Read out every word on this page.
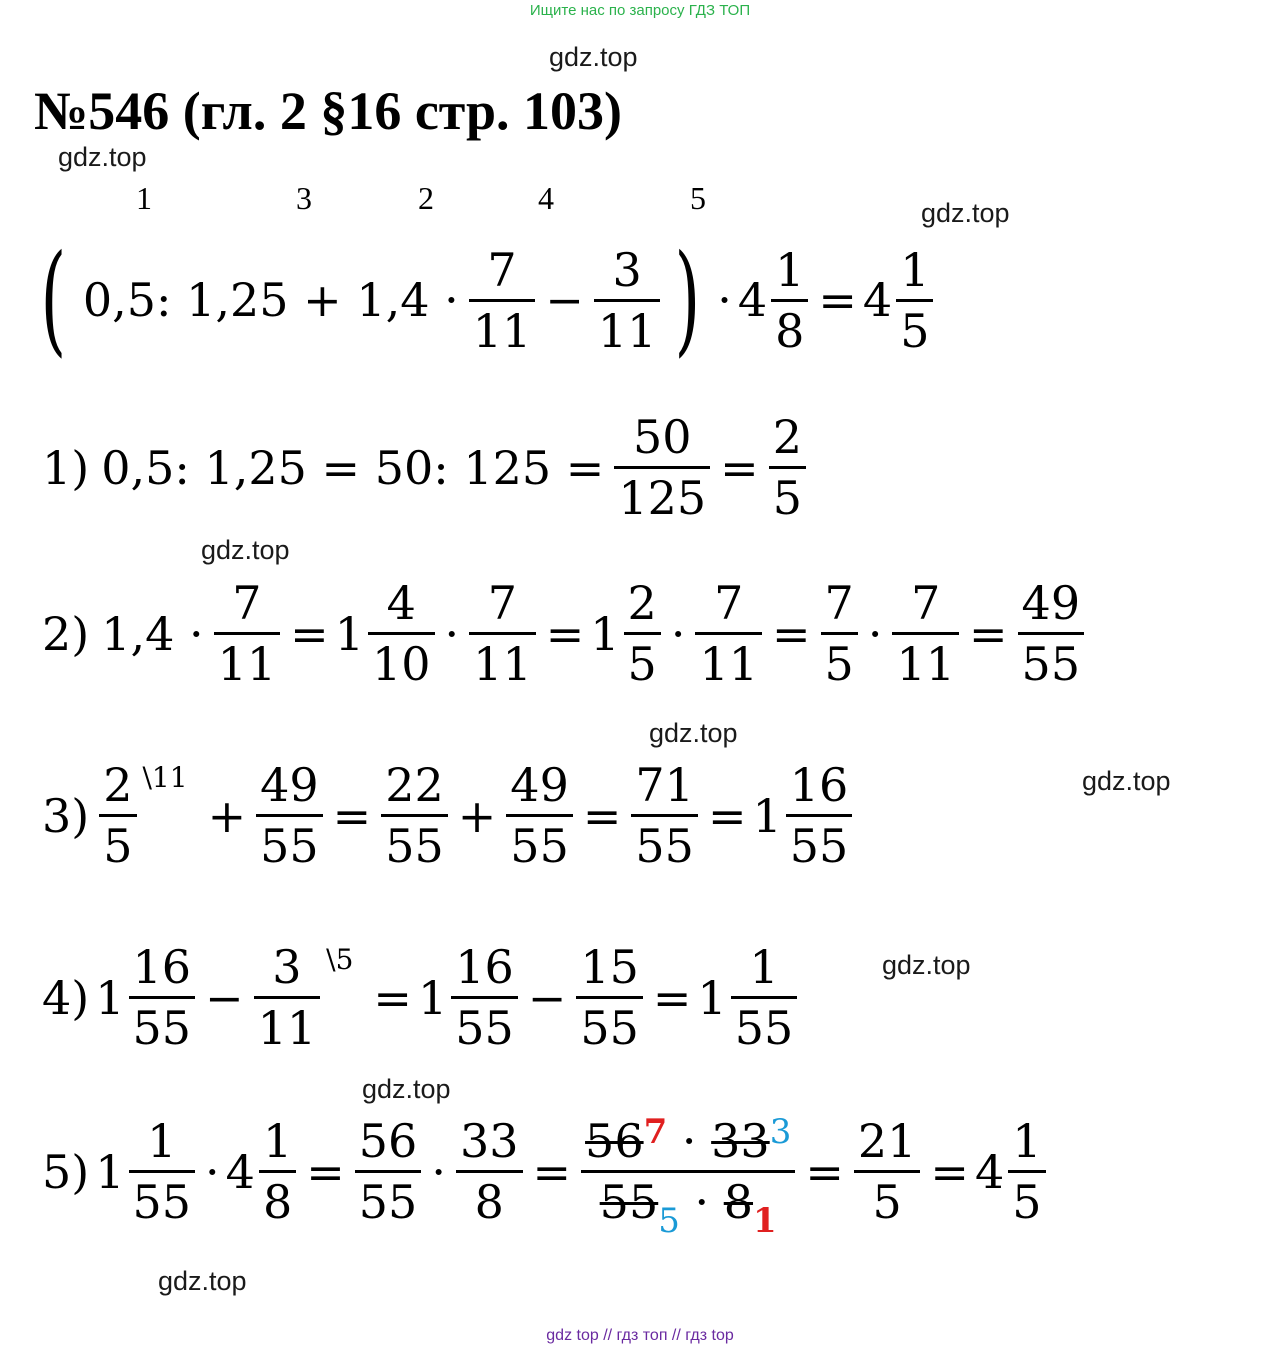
Ищите нас по запросу ГДЗ ТОП
gdz.top
№546 (гл. 2 §16 стр. 103)
gdz.top
gdz.top
1	3	2	4	5
( 0,5: $1,25 + 1,4 \cdot \frac{7}{11} - \frac{3}{11}$ ) · $4 \frac{1}{8} = 4 \frac{1}{5}$
1) 0,5: 1,25 = 50: $125 = \frac{50}{125} = \frac{2}{5}$
gdz.top
2) $1,4 \cdot \frac{7}{11} = 1 \frac{4}{10} \cdot \frac{7}{11} = 1 \frac{2}{5} \cdot \frac{7}{11} = \frac{7}{5} \cdot \frac{7}{11} = \frac{49}{55}$
gdz.top
$3) \frac{2}{5}$ \11
+ $\frac{49}{55} = \frac{22}{55} + \frac{49}{55} = \frac{71}{55} = 1 \frac{16}{55}$	gdz.top
4) $1 \frac{16}{55} - \frac{3}{11}$ \5
= $1 \frac{16}{55} - \frac{15}{55} = 1 \frac{1}{55}$	gdz.top
gdz.top
5) $1 \frac{1}{55} \cdot 4 \frac{1}{8} = \frac{56}{55} \cdot \frac{33}{8} = \frac{56^7 \cdot 33^3}{55_5 \cdot 8_1} = \frac{21}{5} = 4 \frac{1}{5}$
gdz.top
gdz top // гдз топ // гдз top
